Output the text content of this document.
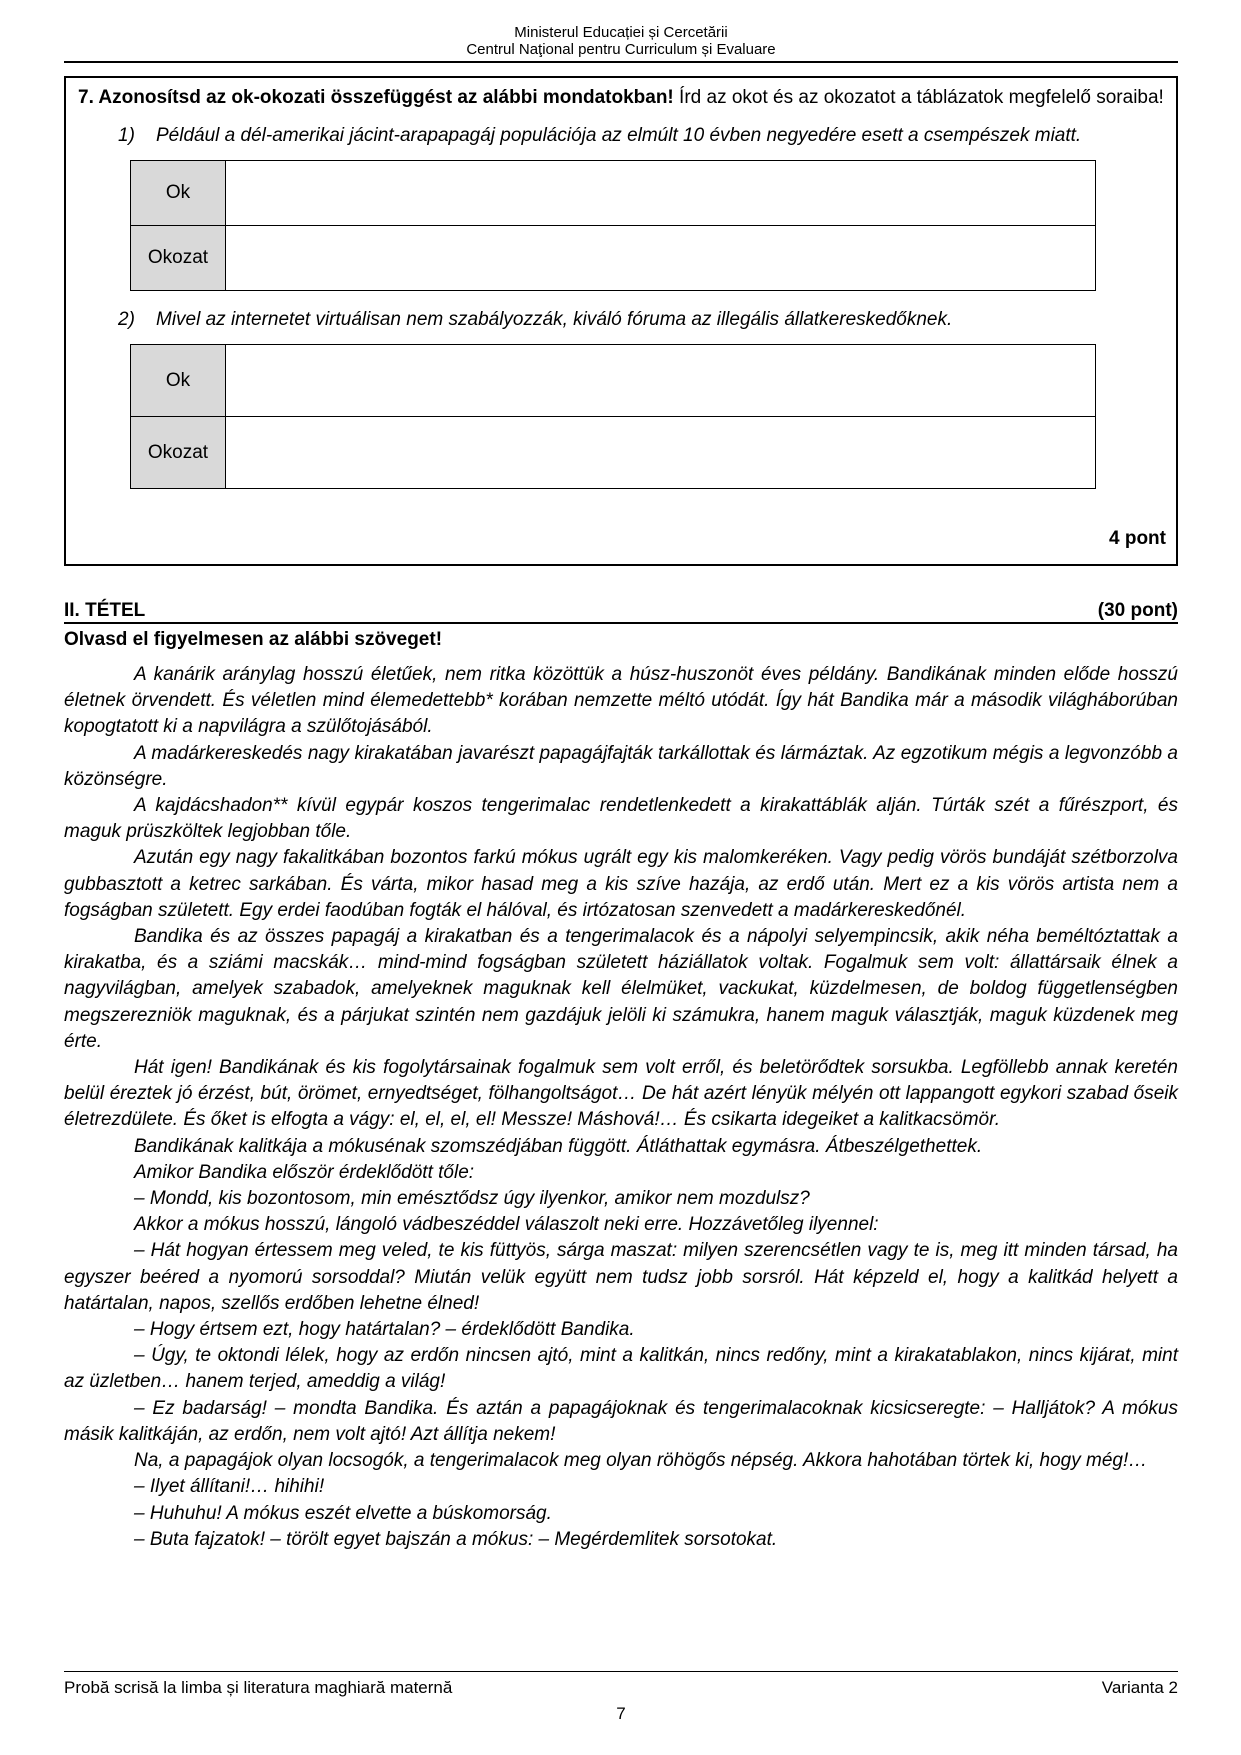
Ministerul Educației și Cercetării
Centrul Naţional pentru Curriculum și Evaluare

7. Azonosítsd az ok-okozati összefüggést az alábbi mondatokban! Írd az okot és az okozatot a táblázatok megfelelő soraiba!

1)	Például a dél-amerikai jácint-arapapagáj populációja az elmúlt 10 évben negyedére esett a csempészek miatt.
Ok	
Okozat	
2)	Mivel az internetet virtuálisan nem szabályozzák, kiváló fóruma az illegális állatkereskedőknek.
Ok	
Okozat	
4 pont
II. TÉTEL	(30 pont)

Olvasd el figyelmesen az alábbi szöveget!

A kanárik aránylag hosszú életűek, nem ritka közöttük a húsz-huszonöt éves példány. Bandikának minden előde hosszú életnek örvendett. És véletlen mind élemedettebb* korában nemzette méltó utódát. Így hát Bandika már a második világháborúban kopogtatott ki a napvilágra a szülőtojásából.

A madárkereskedés nagy kirakatában javarészt papagájfajták tarkállottak és lármáztak. Az egzotikum mégis a legvonzóbb a közönségre.

A kajdácshadon** kívül egypár koszos tengerimalac rendetlenkedett a kirakattáblák alján. Túrták szét a fűrészport, és maguk prüszköltek legjobban tőle.

Azután egy nagy fakalitkában bozontos farkú mókus ugrált egy kis malomkeréken. Vagy pedig vörös bundáját szétborzolva gubbasztott a ketrec sarkában. És várta, mikor hasad meg a kis szíve hazája, az erdő után. Mert ez a kis vörös artista nem a fogságban született. Egy erdei faodúban fogták el hálóval, és irtózatosan szenvedett a madárkereskedőnél.

Bandika és az összes papagáj a kirakatban és a tengerimalacok és a nápolyi selyempincsik, akik néha beméltóztattak a kirakatba, és a sziámi macskák… mind-mind fogságban született háziállatok voltak. Fogalmuk sem volt: állattársaik élnek a nagyvilágban, amelyek szabadok, amelyeknek maguknak kell élelmüket, vackukat, küzdelmesen, de boldog függetlenségben megszerezniök maguknak, és a párjukat szintén nem gazdájuk jelöli ki számukra, hanem maguk választják, maguk küzdenek meg érte.

Hát igen! Bandikának és kis fogolytársainak fogalmuk sem volt erről, és beletörődtek sorsukba. Legföllebb annak keretén belül éreztek jó érzést, bút, örömet, ernyedtséget, fölhangoltságot… De hát azért lényük mélyén ott lappangott egykori szabad őseik életrezdülete. És őket is elfogta a vágy: el, el, el, el! Messze! Máshová!… És csikarta idegeiket a kalitkacsömör.

Bandikának kalitkája a mókusénak szomszédjában függött. Átláthattak egymásra. Átbeszélgethettek.

Amikor Bandika először érdeklődött tőle:

– Mondd, kis bozontosom, min emésztődsz úgy ilyenkor, amikor nem mozdulsz?

Akkor a mókus hosszú, lángoló vádbeszéddel válaszolt neki erre. Hozzávetőleg ilyennel:

– Hát hogyan értessem meg veled, te kis füttyös, sárga maszat: milyen szerencsétlen vagy te is, meg itt minden társad, ha egyszer beéred a nyomorú sorsoddal? Miután velük együtt nem tudsz jobb sorsról. Hát képzeld el, hogy a kalitkád helyett a határtalan, napos, szellős erdőben lehetne élned!

– Hogy értsem ezt, hogy határtalan? – érdeklődött Bandika.

– Úgy, te oktondi lélek, hogy az erdőn nincsen ajtó, mint a kalitkán, nincs redőny, mint a kirakatablakon, nincs kijárat, mint az üzletben… hanem terjed, ameddig a világ!

– Ez badarság! – mondta Bandika. És aztán a papagájoknak és tengerimalacoknak kicsicseregte: – Halljátok? A mókus másik kalitkáján, az erdőn, nem volt ajtó! Azt állítja nekem!

Na, a papagájok olyan locsogók, a tengerimalacok meg olyan röhögős népség. Akkora hahotában törtek ki, hogy még!…

– Ilyet állítani!… hihihi!

– Huhuhu! A mókus eszét elvette a búskomorság.

– Buta fajzatok! – törölt egyet bajszán a mókus: – Megérdemlitek sorsotokat.

Probă scrisă la limba și literatura maghiară maternă	Varianta 2
7
